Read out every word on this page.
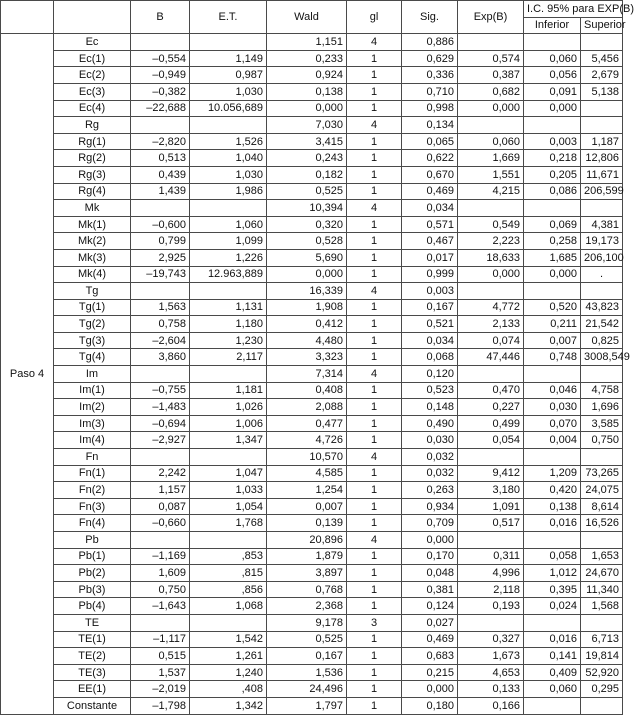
		B	E.T.	Wald	gl	Sig.	Exp(B)	I.C. 95% para EXP(B)	
								Inferior	Superior
Paso 4	Ec			1,151	4	0,886			
	Ec(1)	–0,554	1,149	0,233	1	0,629	0,574	0,060	5,456
	Ec(2)	–0,949	0,987	0,924	1	0,336	0,387	0,056	2,679
	Ec(3)	–0,382	1,030	0,138	1	0,710	0,682	0,091	5,138
	Ec(4)	–22,688	10.056,689	0,000	1	0,998	0,000	0,000	
	Rg			7,030	4	0,134			
	Rg(1)	–2,820	1,526	3,415	1	0,065	0,060	0,003	1,187
	Rg(2)	0,513	1,040	0,243	1	0,622	1,669	0,218	12,806
	Rg(3)	0,439	1,030	0,182	1	0,670	1,551	0,205	11,671
	Rg(4)	1,439	1,986	0,525	1	0,469	4,215	0,086	206,599
	Mk			10,394	4	0,034			
	Mk(1)	–0,600	1,060	0,320	1	0,571	0,549	0,069	4,381
	Mk(2)	0,799	1,099	0,528	1	0,467	2,223	0,258	19,173
	Mk(3)	2,925	1,226	5,690	1	0,017	18,633	1,685	206,100
	Mk(4)	–19,743	12.963,889	0,000	1	0,999	0,000	0,000	.
	Tg			16,339	4	0,003			
	Tg(1)	1,563	1,131	1,908	1	0,167	4,772	0,520	43,823
	Tg(2)	0,758	1,180	0,412	1	0,521	2,133	0,211	21,542
	Tg(3)	–2,604	1,230	4,480	1	0,034	0,074	0,007	0,825
	Tg(4)	3,860	2,117	3,323	1	0,068	47,446	0,748	3008,549
	Im			7,314	4	0,120			
	Im(1)	–0,755	1,181	0,408	1	0,523	0,470	0,046	4,758
	Im(2)	–1,483	1,026	2,088	1	0,148	0,227	0,030	1,696
	Im(3)	–0,694	1,006	0,477	1	0,490	0,499	0,070	3,585
	Im(4)	–2,927	1,347	4,726	1	0,030	0,054	0,004	0,750
	Fn			10,570	4	0,032			
	Fn(1)	2,242	1,047	4,585	1	0,032	9,412	1,209	73,265
	Fn(2)	1,157	1,033	1,254	1	0,263	3,180	0,420	24,075
	Fn(3)	0,087	1,054	0,007	1	0,934	1,091	0,138	8,614
	Fn(4)	–0,660	1,768	0,139	1	0,709	0,517	0,016	16,526
	Pb			20,896	4	0,000			
	Pb(1)	–1,169	,853	1,879	1	0,170	0,311	0,058	1,653
	Pb(2)	1,609	,815	3,897	1	0,048	4,996	1,012	24,670
	Pb(3)	0,750	,856	0,768	1	0,381	2,118	0,395	11,340
	Pb(4)	–1,643	1,068	2,368	1	0,124	0,193	0,024	1,568
	TE			9,178	3	0,027			
	TE(1)	–1,117	1,542	0,525	1	0,469	0,327	0,016	6,713
	TE(2)	0,515	1,261	0,167	1	0,683	1,673	0,141	19,814
	TE(3)	1,537	1,240	1,536	1	0,215	4,653	0,409	52,920
	EE(1)	–2,019	,408	24,496	1	0,000	0,133	0,060	0,295
	Constante	–1,798	1,342	1,797	1	0,180	0,166		
